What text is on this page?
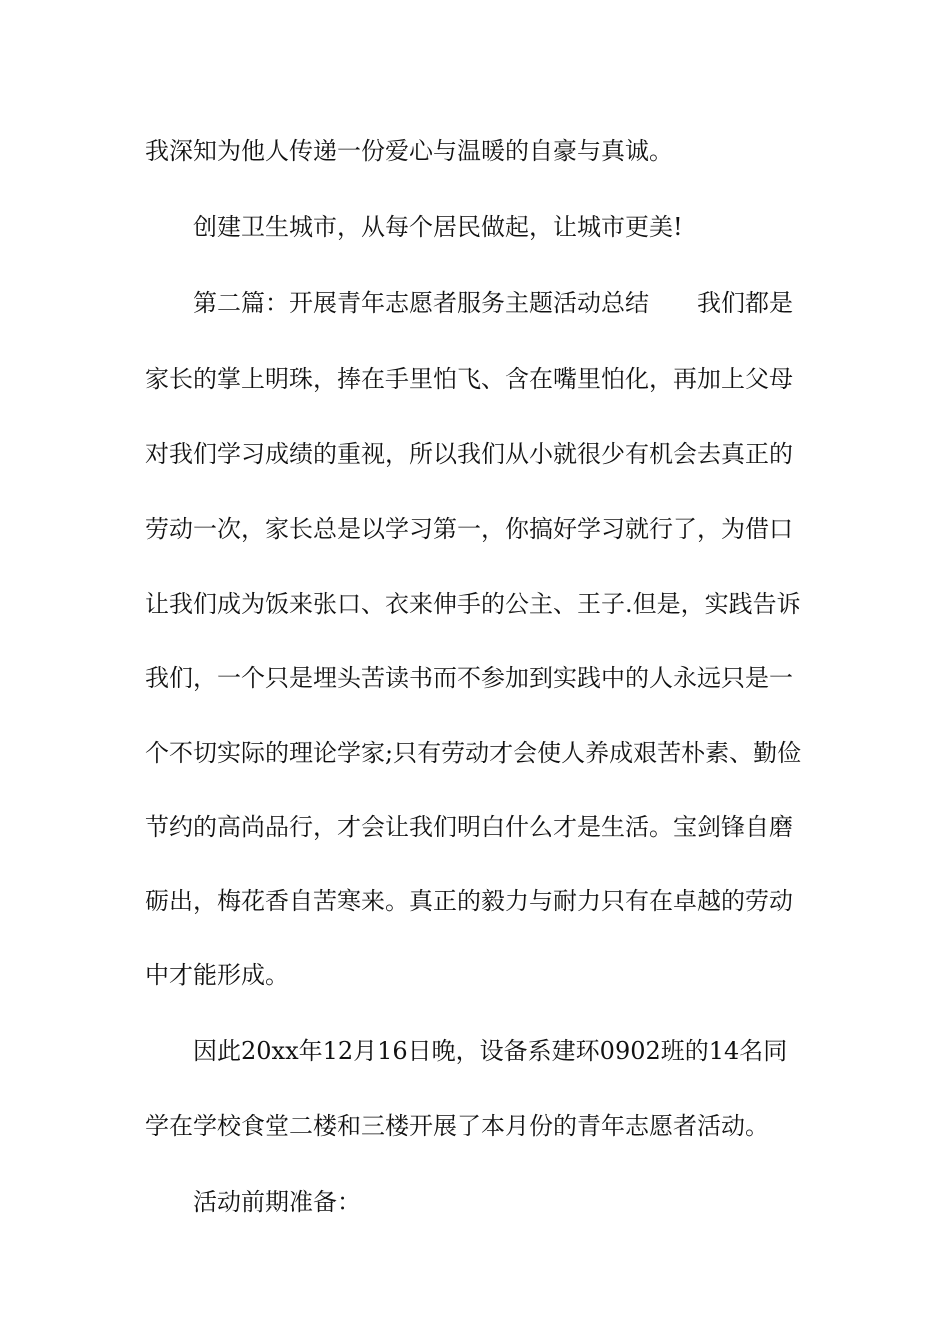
我深知为他人传递一份爱心与温暖的自豪与真诚。
创建卫生城市，从每个居民做起，让城市更美!
第二篇：开展青年志愿者服务主题活动总结 我们都是
家长的掌上明珠，捧在手里怕飞、含在嘴里怕化，再加上父母
对我们学习成绩的重视，所以我们从小就很少有机会去真正的
劳动一次，家长总是以学习第一，你搞好学习就行了，为借口
让我们成为饭来张口、衣来伸手的公主、王子.但是，实践告诉
我们，一个只是埋头苦读书而不参加到实践中的人永远只是一
个不切实际的理论学家;只有劳动才会使人养成艰苦朴素、勤俭
节约的高尚品行，才会让我们明白什么才是生活。宝剑锋自磨
砺出，梅花香自苦寒来。真正的毅力与耐力只有在卓越的劳动
中才能形成。
因此20xx年12月16日晚，设备系建环0902班的14名同
学在学校食堂二楼和三楼开展了本月份的青年志愿者活动。
活动前期准备：
